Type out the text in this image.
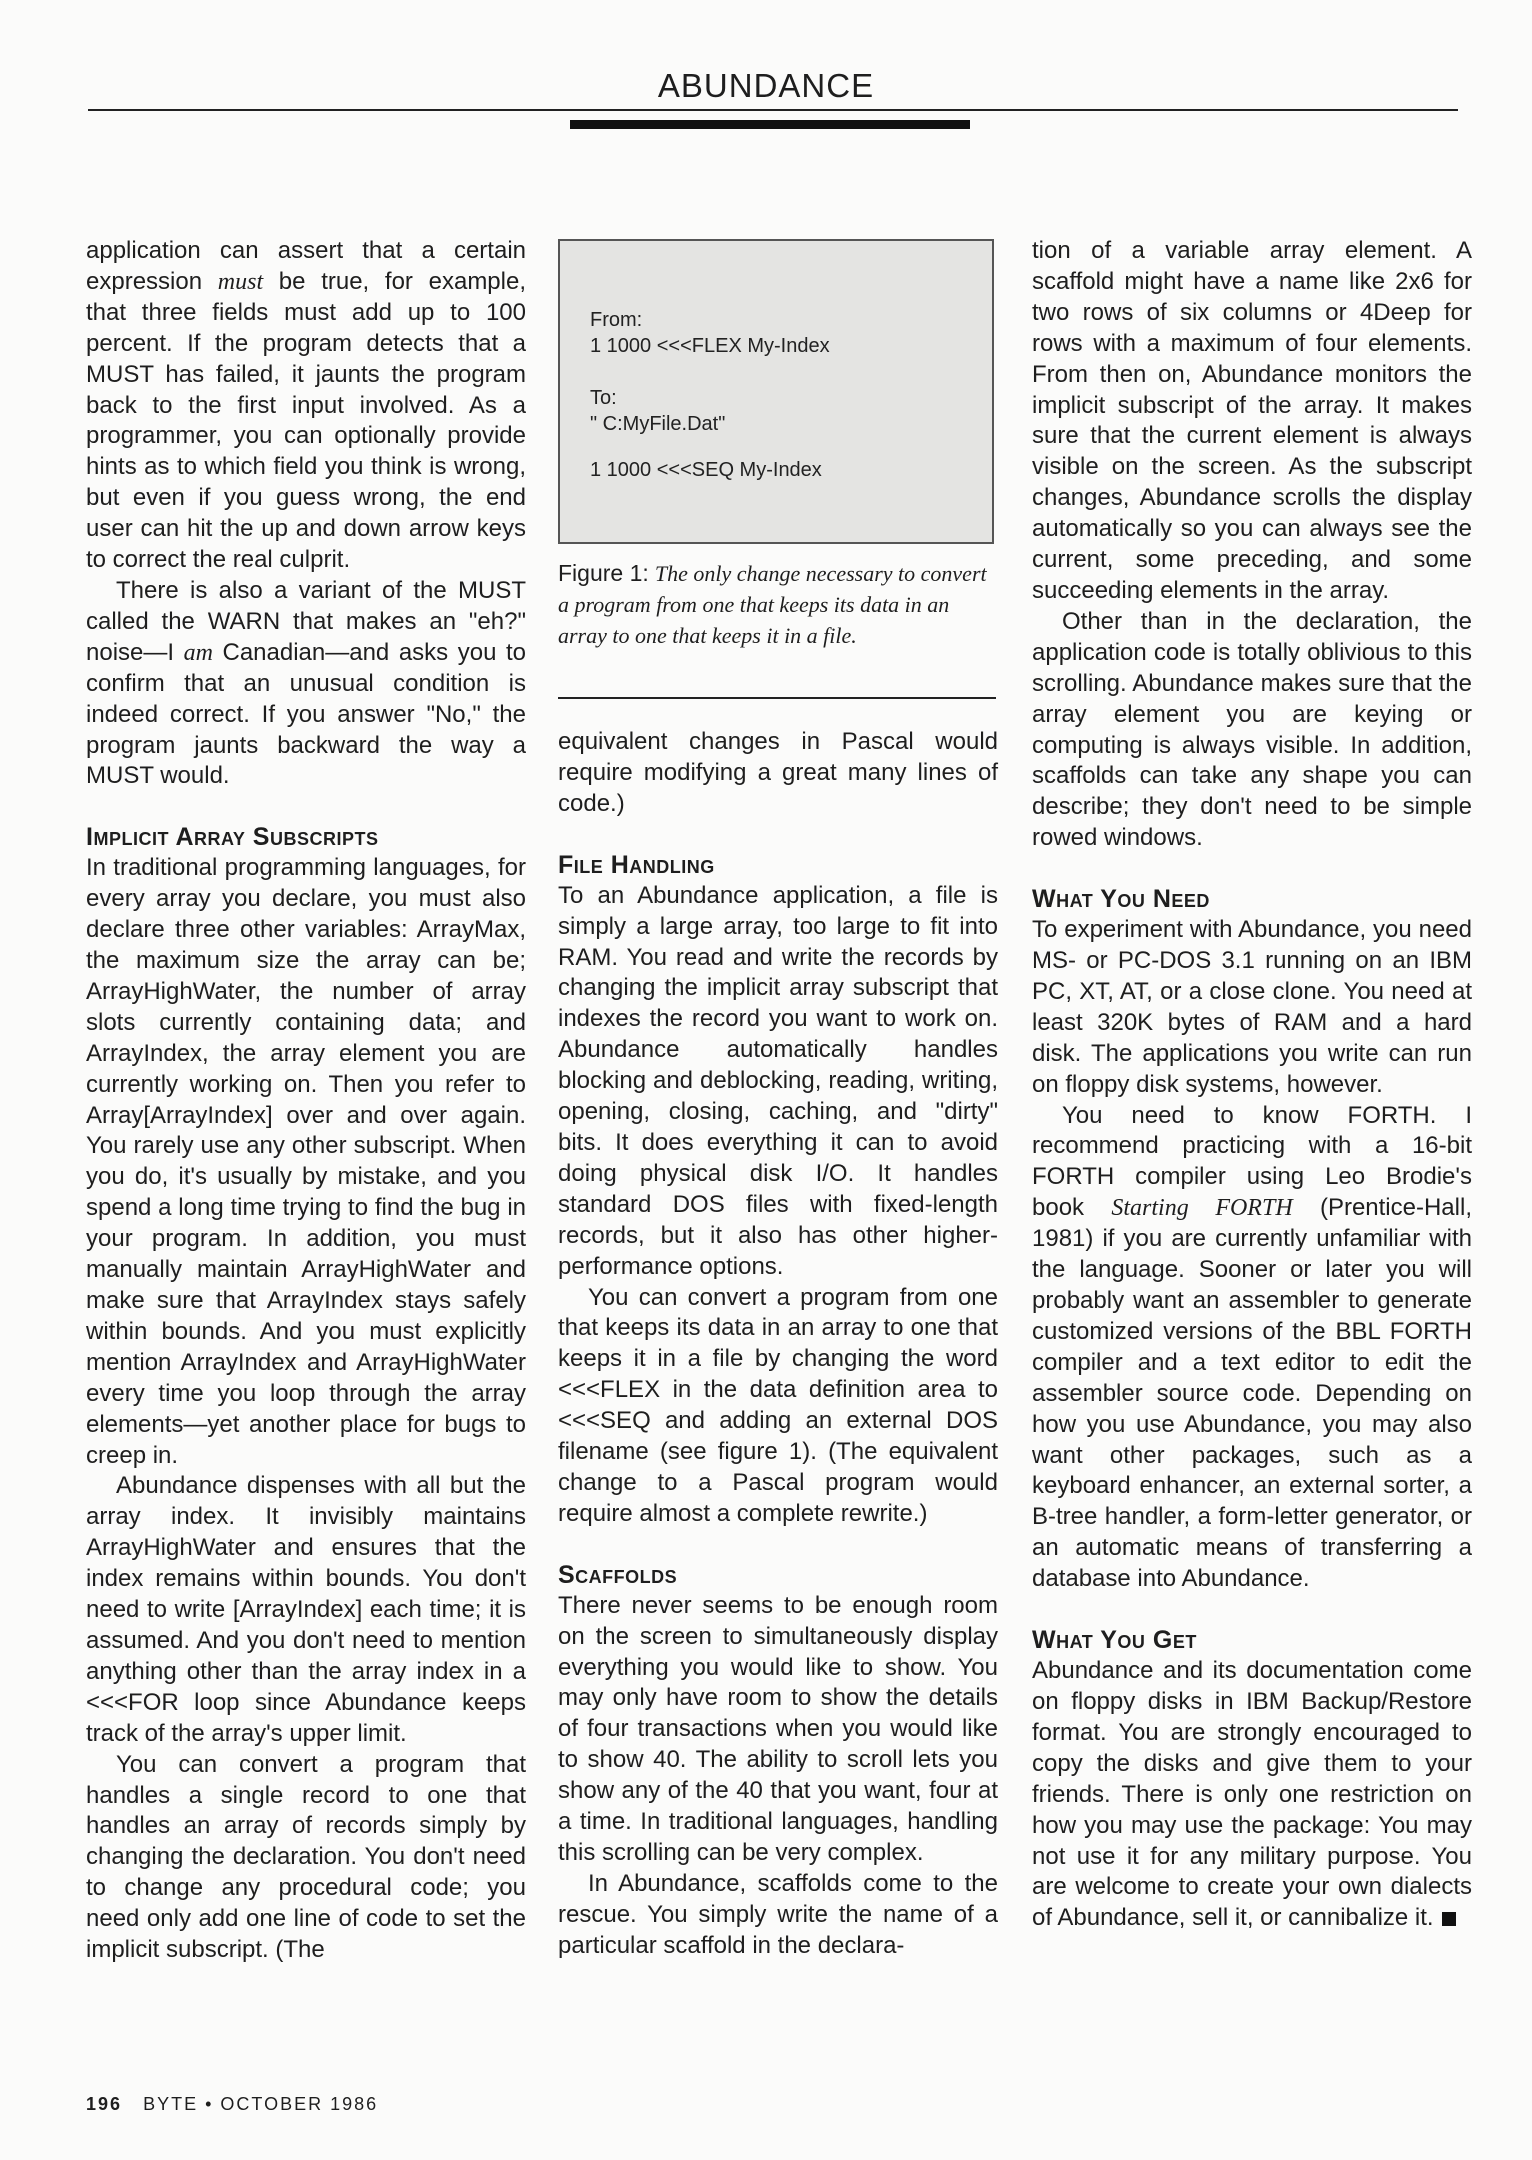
ABUNDANCE

application can assert that a certain expression must be true, for example, that three fields must add up to 100 percent. If the program detects that a MUST has failed, it jaunts the program back to the first input involved. As a programmer, you can optionally provide hints as to which field you think is wrong, but even if you guess wrong, the end user can hit the up and down arrow keys to correct the real culprit.

There is also a variant of the MUST called the WARN that makes an "eh?" noise—I am Canadian—and asks you to confirm that an unusual condition is indeed correct. If you answer "No," the program jaunts backward the way a MUST would.

Implicit Array Subscripts

In traditional programming languages, for every array you declare, you must also declare three other variables: ArrayMax, the maximum size the array can be; ArrayHighWater, the number of array slots currently containing data; and ArrayIndex, the array element you are currently working on. Then you refer to Array[ArrayIndex] over and over again. You rarely use any other subscript. When you do, it's usually by mistake, and you spend a long time trying to find the bug in your program. In addition, you must manually maintain ArrayHighWater and make sure that ArrayIndex stays safely within bounds. And you must explicitly mention ArrayIndex and ArrayHighWater every time you loop through the array elements—yet another place for bugs to creep in.

Abundance dispenses with all but the array index. It invisibly maintains ArrayHighWater and ensures that the index remains within bounds. You don't need to write [ArrayIndex] each time; it is assumed. And you don't need to mention anything other than the array index in a <<<FOR loop since Abundance keeps track of the array's upper limit.

You can convert a program that handles a single record to one that handles an array of records simply by changing the declaration. You don't need to change any procedural code; you need only add one line of code to set the implicit subscript. (The

From:
1 1000 <<<FLEX My-Index
To:
" C:MyFile.Dat"
1 1000 <<<SEQ My-Index
Figure 1: The only change necessary to convert a program from one that keeps its data in an array to one that keeps it in a file.

equivalent changes in Pascal would require modifying a great many lines of code.)

File Handling

To an Abundance application, a file is simply a large array, too large to fit into RAM. You read and write the records by changing the implicit array subscript that indexes the record you want to work on. Abundance automatically handles blocking and deblocking, reading, writing, opening, closing, caching, and "dirty" bits. It does everything it can to avoid doing physical disk I/O. It handles standard DOS files with fixed-length records, but it also has other higher-performance options.

You can convert a program from one that keeps its data in an array to one that keeps it in a file by changing the word <<<FLEX in the data definition area to <<<SEQ and adding an external DOS filename (see figure 1). (The equivalent change to a Pascal program would require almost a complete rewrite.)

Scaffolds

There never seems to be enough room on the screen to simultaneously display everything you would like to show. You may only have room to show the details of four transactions when you would like to show 40. The ability to scroll lets you show any of the 40 that you want, four at a time. In traditional languages, handling this scrolling can be very complex.

In Abundance, scaffolds come to the rescue. You simply write the name of a particular scaffold in the declara-

tion of a variable array element. A scaffold might have a name like 2x6 for two rows of six columns or 4Deep for rows with a maximum of four elements. From then on, Abundance monitors the implicit subscript of the array. It makes sure that the current element is always visible on the screen. As the subscript changes, Abundance scrolls the display automatically so you can always see the current, some preceding, and some succeeding elements in the array.

Other than in the declaration, the application code is totally oblivious to this scrolling. Abundance makes sure that the array element you are keying or computing is always visible. In addition, scaffolds can take any shape you can describe; they don't need to be simple rowed windows.

What You Need

To experiment with Abundance, you need MS- or PC-DOS 3.1 running on an IBM PC, XT, AT, or a close clone. You need at least 320K bytes of RAM and a hard disk. The applications you write can run on floppy disk systems, however.

You need to know FORTH. I recommend practicing with a 16-bit FORTH compiler using Leo Brodie's book Starting FORTH (Prentice-Hall, 1981) if you are currently unfamiliar with the language. Sooner or later you will probably want an assembler to generate customized versions of the BBL FORTH compiler and a text editor to edit the assembler source code. Depending on how you use Abundance, you may also want other packages, such as a keyboard enhancer, an external sorter, a B-tree handler, a form-letter generator, or an automatic means of transferring a database into Abundance.

What You Get

Abundance and its documentation come on floppy disks in IBM Backup/Restore format. You are strongly encouraged to copy the disks and give them to your friends. There is only one restriction on how you may use the package: You may not use it for any military purpose. You are welcome to create your own dialects of Abundance, sell it, or cannibalize it.

196 BYTE • OCTOBER 1986
